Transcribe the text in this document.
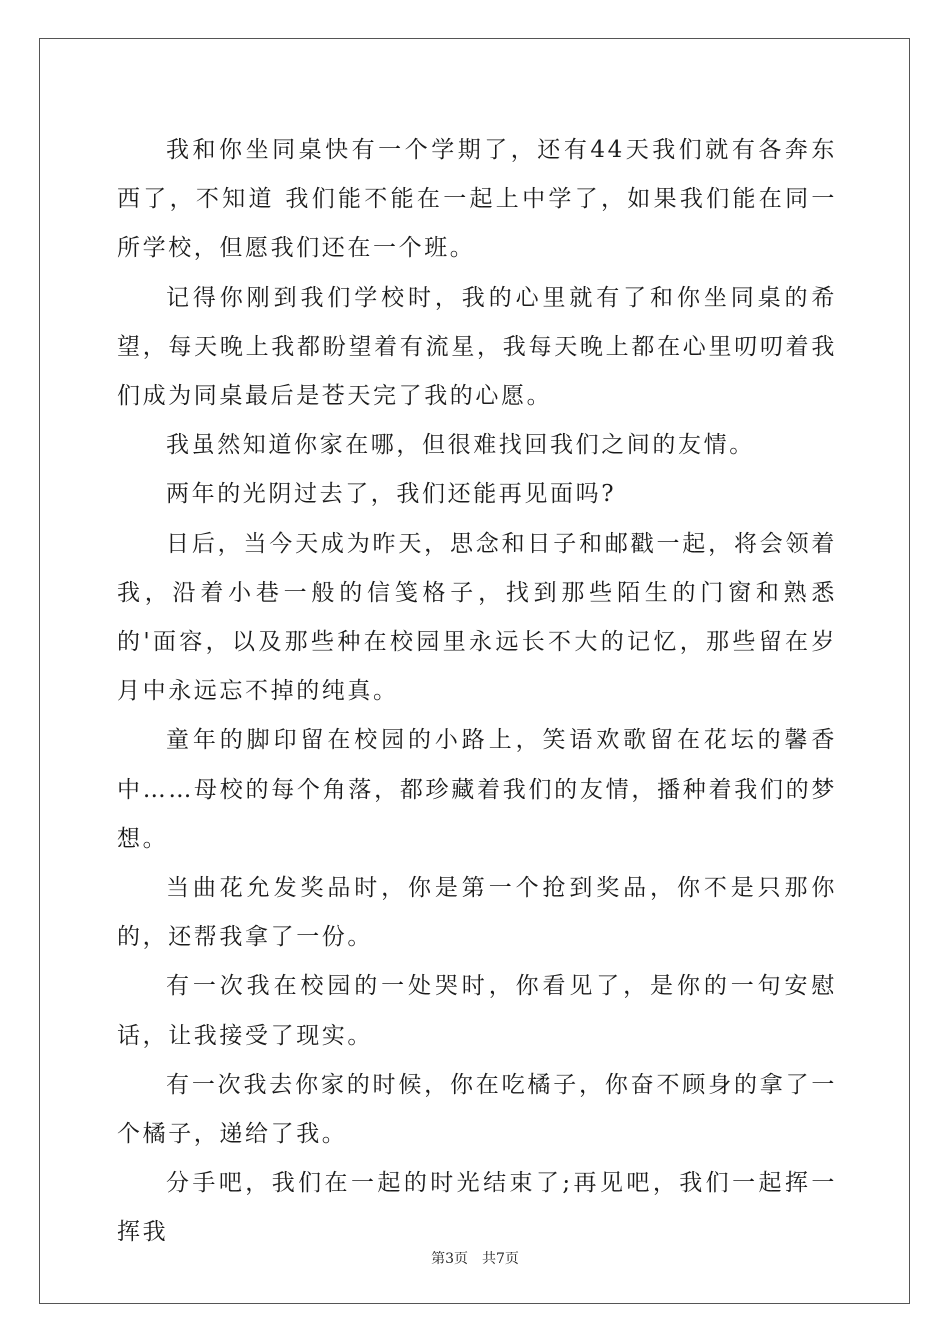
我和你坐同桌快有一个学期了，还有44天我们就有各奔东西了，不知道 我们能不能在一起上中学了，如果我们能在同一所学校，但愿我们还在一个班。

记得你刚到我们学校时，我的心里就有了和你坐同桌的希望，每天晚上我都盼望着有流星，我每天晚上都在心里叨叨着我们成为同桌最后是苍天完了我的心愿。

我虽然知道你家在哪，但很难找回我们之间的友情。

两年的光阴过去了，我们还能再见面吗?

日后，当今天成为昨天，思念和日子和邮戳一起，将会领着我，沿着小巷一般的信笺格子，找到那些陌生的门窗和熟悉的'面容，以及那些种在校园里永远长不大的记忆，那些留在岁月中永远忘不掉的纯真。

童年的脚印留在校园的小路上，笑语欢歌留在花坛的馨香中……母校的每个角落，都珍藏着我们的友情，播种着我们的梦想。

当曲花允发奖品时，你是第一个抢到奖品，你不是只那你的，还帮我拿了一份。

有一次我在校园的一处哭时，你看见了，是你的一句安慰话，让我接受了现实。

有一次我去你家的时候，你在吃橘子，你奋不顾身的拿了一个橘子，递给了我。

分手吧，我们在一起的时光结束了;再见吧，我们一起挥一挥我

第3页 共7页
